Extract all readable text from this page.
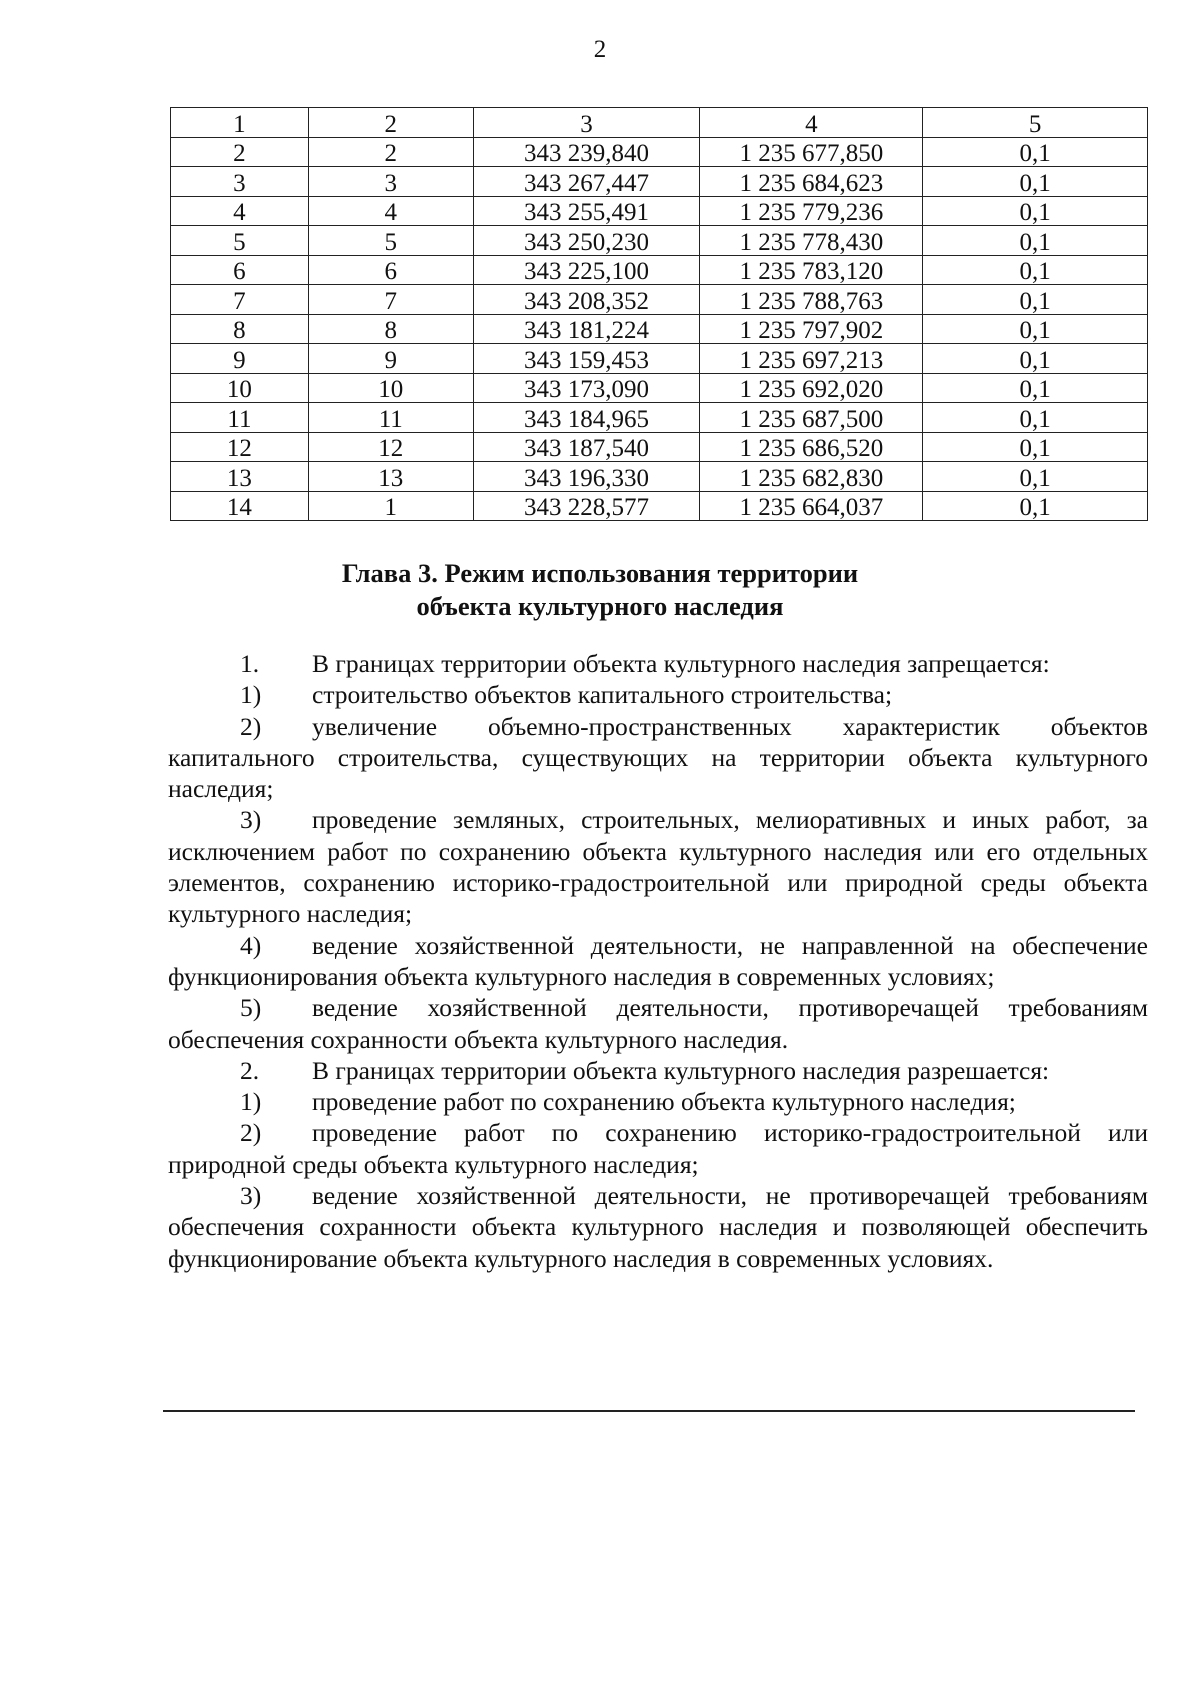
2
1	2	3	4	5
2	2	343 239,840	1 235 677,850	0,1
3	3	343 267,447	1 235 684,623	0,1
4	4	343 255,491	1 235 779,236	0,1
5	5	343 250,230	1 235 778,430	0,1
6	6	343 225,100	1 235 783,120	0,1
7	7	343 208,352	1 235 788,763	0,1
8	8	343 181,224	1 235 797,902	0,1
9	9	343 159,453	1 235 697,213	0,1
10	10	343 173,090	1 235 692,020	0,1
11	11	343 184,965	1 235 687,500	0,1
12	12	343 187,540	1 235 686,520	0,1
13	13	343 196,330	1 235 682,830	0,1
14	1	343 228,577	1 235 664,037	0,1
Глава 3. Режим использования территории
объекта культурного наследия

1. В границах территории объекта культурного наследия запрещается:

1) строительство объектов капитального строительства;

2) увеличение объемно-пространственных характеристик объектов капитального строительства, существующих на территории объекта культурного наследия;

3) проведение земляных, строительных, мелиоративных и иных работ, за исключением работ по сохранению объекта культурного наследия или его отдельных элементов, сохранению историко-градостроительной или природной среды объекта культурного наследия;

4) ведение хозяйственной деятельности, не направленной на обеспечение функционирования объекта культурного наследия в современных условиях;

5) ведение хозяйственной деятельности, противоречащей требованиям обеспечения сохранности объекта культурного наследия.

2. В границах территории объекта культурного наследия разрешается:

1) проведение работ по сохранению объекта культурного наследия;

2) проведение работ по сохранению историко-градостроительной или природной среды объекта культурного наследия;

3) ведение хозяйственной деятельности, не противоречащей требованиям обеспечения сохранности объекта культурного наследия и позволяющей обеспечить функционирование объекта культурного наследия в современных условиях.
